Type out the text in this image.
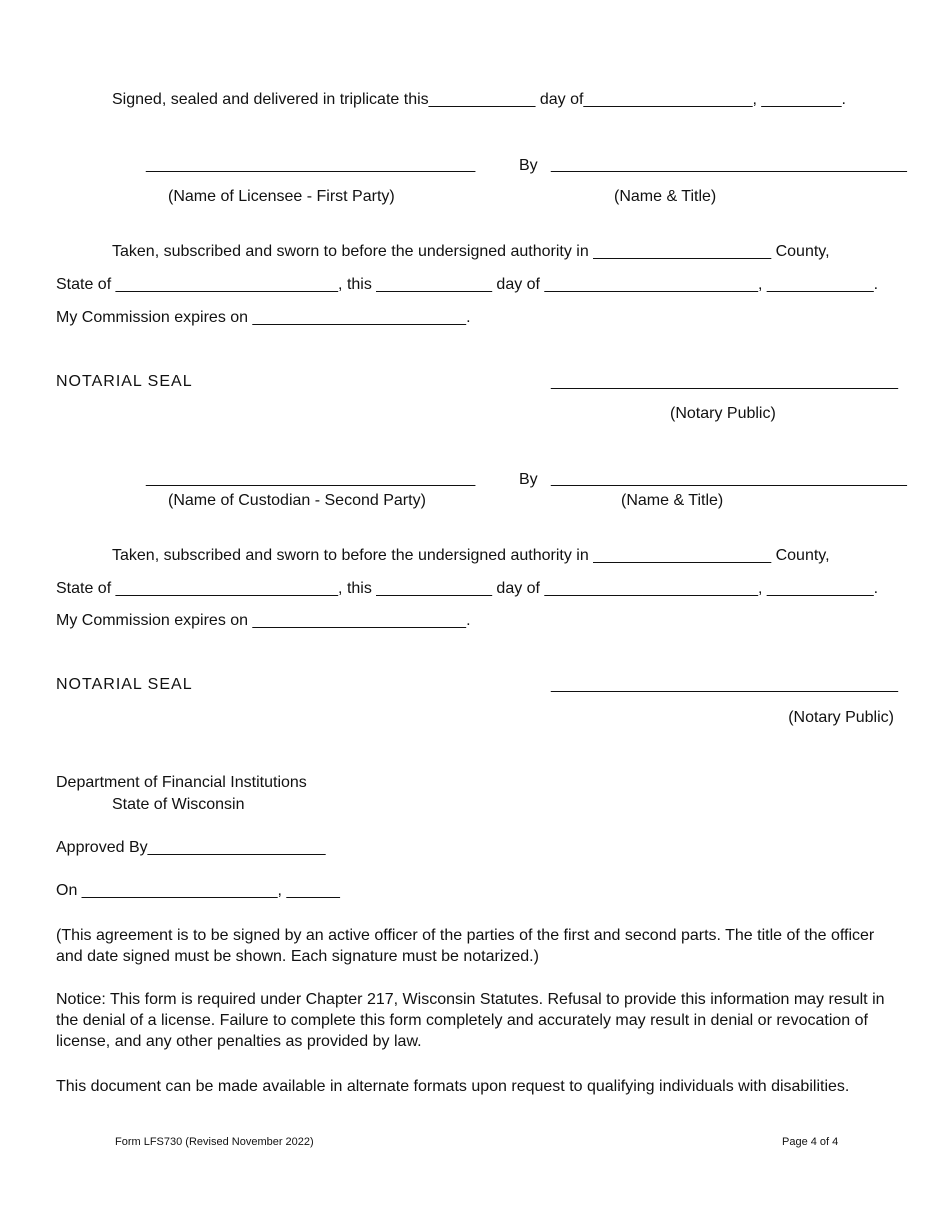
Signed, sealed and delivered in triplicate this____________ day of___________________, _________.
_____________________________________	By ________________________________________
(Name of Licensee - First Party)	(Name & Title)
Taken, subscribed and sworn to before the undersigned authority in ____________________ County,
State of _________________________, this _____________ day of ________________________, ____________.
My Commission expires on ________________________.
NOTARIAL SEAL	_______________________________________
(Notary Public)
_____________________________________	By ________________________________________
(Name of Custodian - Second Party)	(Name & Title)
Taken, subscribed and sworn to before the undersigned authority in ____________________ County,
State of _________________________, this _____________ day of ________________________, ____________.
My Commission expires on ________________________.
NOTARIAL SEAL	_______________________________________
(Notary Public)
Department of Financial Institutions
State of Wisconsin
Approved By____________________
On ______________________, ______
(This agreement is to be signed by an active officer of the parties of the first and second parts. The title of the officer and date signed must be shown. Each signature must be notarized.)
Notice: This form is required under Chapter 217, Wisconsin Statutes. Refusal to provide this information may result in the denial of a license. Failure to complete this form completely and accurately may result in denial or revocation of license, and any other penalties as provided by law.
This document can be made available in alternate formats upon request to qualifying individuals with disabilities.
Form LFS730 (Revised November 2022)	Page 4 of 4
